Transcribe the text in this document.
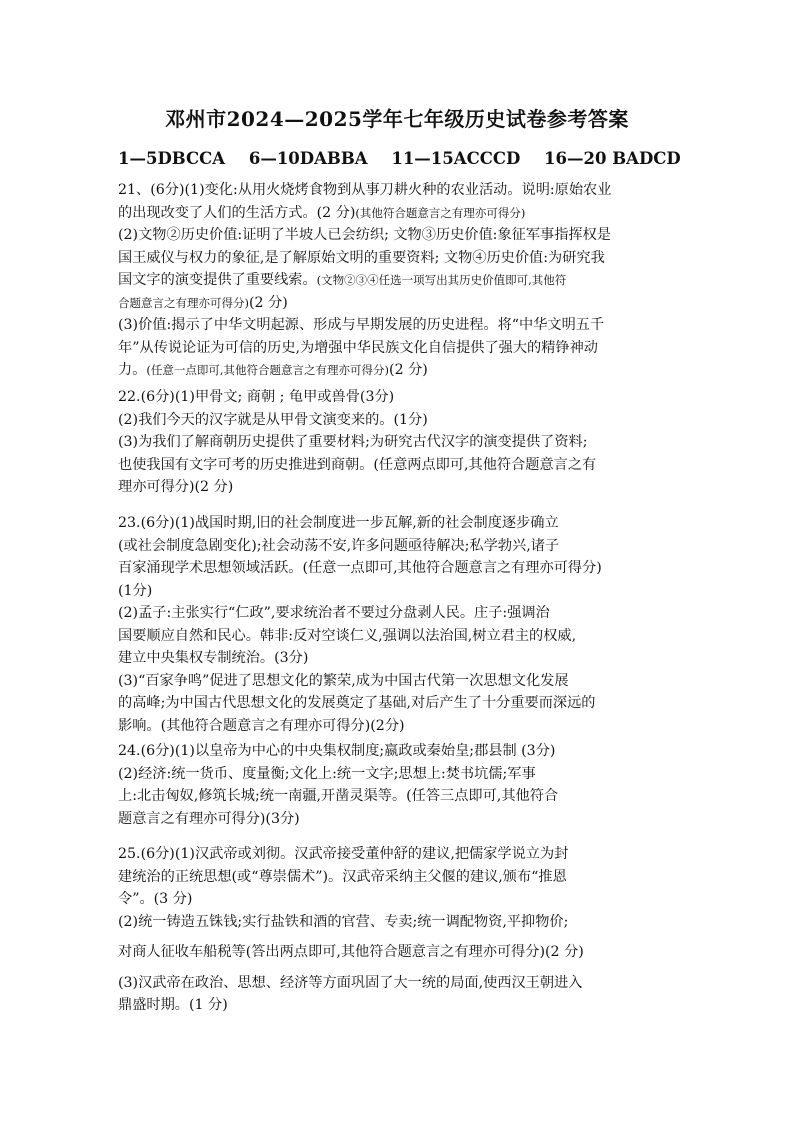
邓州市2024—2025学年七年级历史试卷参考答案
1—5DBCCA 6—10DABBA 11—15ACCCD 16—20 BADCD
21、(6分)(1)变化:从用火烧烤食物到从事刀耕火种的农业活动。说明:原始农业
的出现改变了人们的生活方式。(2 分)(其他符合题意言之有理亦可得分)
(2)文物②历史价值:证明了半坡人已会纺织; 文物③历史价值:象征军事指挥权是
国王威仪与权力的象征,是了解原始文明的重要资料; 文物④历史价值:为研究我
国文字的演变提供了重要线索。(文物②③④任选一项写出其历史价值即可,其他符
合题意言之有理亦可得分)(2 分)
(3)价值:揭示了中华文明起源、形成与早期发展的历史进程。将“中华文明五千
年”从传说论证为可信的历史,为增强中华民族文化自信提供了强大的精铮神动
力。(任意一点即可,其他符合题意言之有理亦可得分)(2 分)
22.(6分)(1)甲骨文; 商朝 ; 龟甲或兽骨(3分)
(2)我们今天的汉字就是从甲骨文演变来的。(1分)
(3)为我们了解商朝历史提供了重要材料;为研究古代汉字的演变提供了资料;
也使我国有文字可考的历史推进到商朝。(任意两点即可,其他符合题意言之有
理亦可得分)(2 分)
23.(6分)(1)战国时期,旧的社会制度进一步瓦解,新的社会制度逐步确立
(或社会制度急剧变化);社会动荡不安,许多问题亟待解决;私学勃兴,诸子
百家涌现学术思想领域活跃。(任意一点即可,其他符合题意言之有理亦可得分)
(1分)
(2)孟子:主张实行“仁政”,要求统治者不要过分盘剥人民。庄子:强调治
国要顺应自然和民心。韩非:反对空谈仁义,强调以法治国,树立君主的权威,
建立中央集权专制统治。(3分)
(3)“百家争鸣”促进了思想文化的繁荣,成为中国古代第一次思想文化发展
的高峰;为中国古代思想文化的发展奠定了基础,对后产生了十分重要而深远的
影响。(其他符合题意言之有理亦可得分)(2分)
24.(6分)(1)以皇帝为中心的中央集权制度;嬴政或秦始皇;郡县制 (3分)
(2)经济:统一货币、度量衡;文化上:统一文字;思想上:焚书坑儒;军事
上:北击匈奴,修筑长城;统一南疆,开凿灵渠等。(任答三点即可,其他符合
题意言之有理亦可得分)(3分)
25.(6分)(1)汉武帝或刘彻。汉武帝接受董仲舒的建议,把儒家学说立为封
建统治的正统思想(或“尊崇儒术”)。汉武帝采纳主父偃的建议,颁布“推恩
令”。(3 分)
(2)统一铸造五铢钱;实行盐铁和酒的官营、专卖;统一调配物资,平抑物价;
对商人征收车船税等(答出两点即可,其他符合题意言之有理亦可得分)(2 分)
(3)汉武帝在政治、思想、经济等方面巩固了大一统的局面,使西汉王朝进入
鼎盛时期。(1 分)
